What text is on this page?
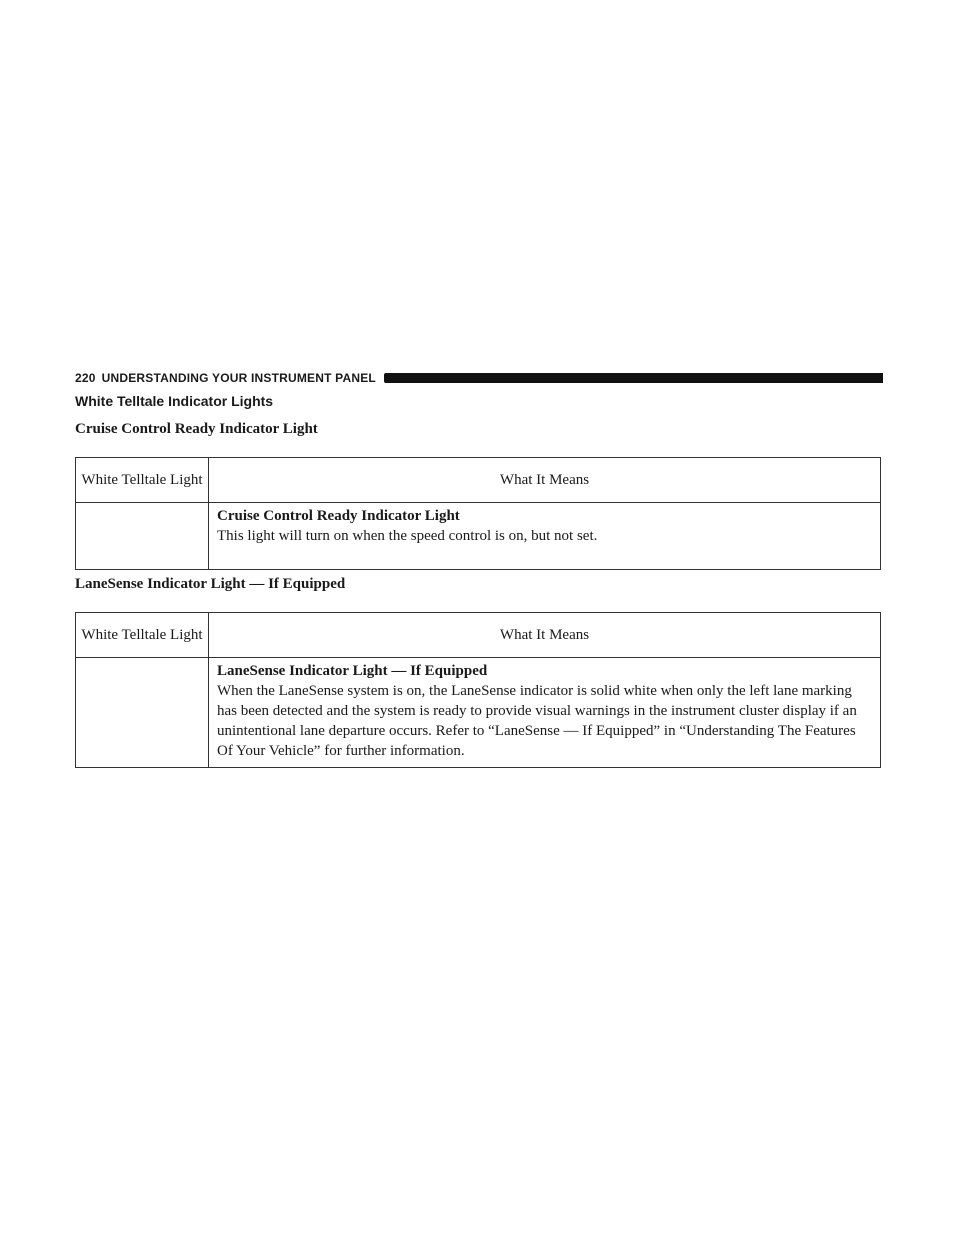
220 UNDERSTANDING YOUR INSTRUMENT PANEL
White Telltale Indicator Lights
Cruise Control Ready Indicator Light
White Telltale Light	What It Means

	Cruise Control Ready Indicator Light
This light will turn on when the speed control is on, but not set.
LaneSense Indicator Light — If Equipped
White Telltale Light	What It Means

	LaneSense Indicator Light — If Equipped
When the LaneSense system is on, the LaneSense indicator is solid white when only the left lane marking has been detected and the system is ready to provide visual warnings in the instrument cluster display if an unintentional lane departure occurs. Refer to “LaneSense — If Equipped” in “Understanding The Features Of Your Vehicle” for further information.
